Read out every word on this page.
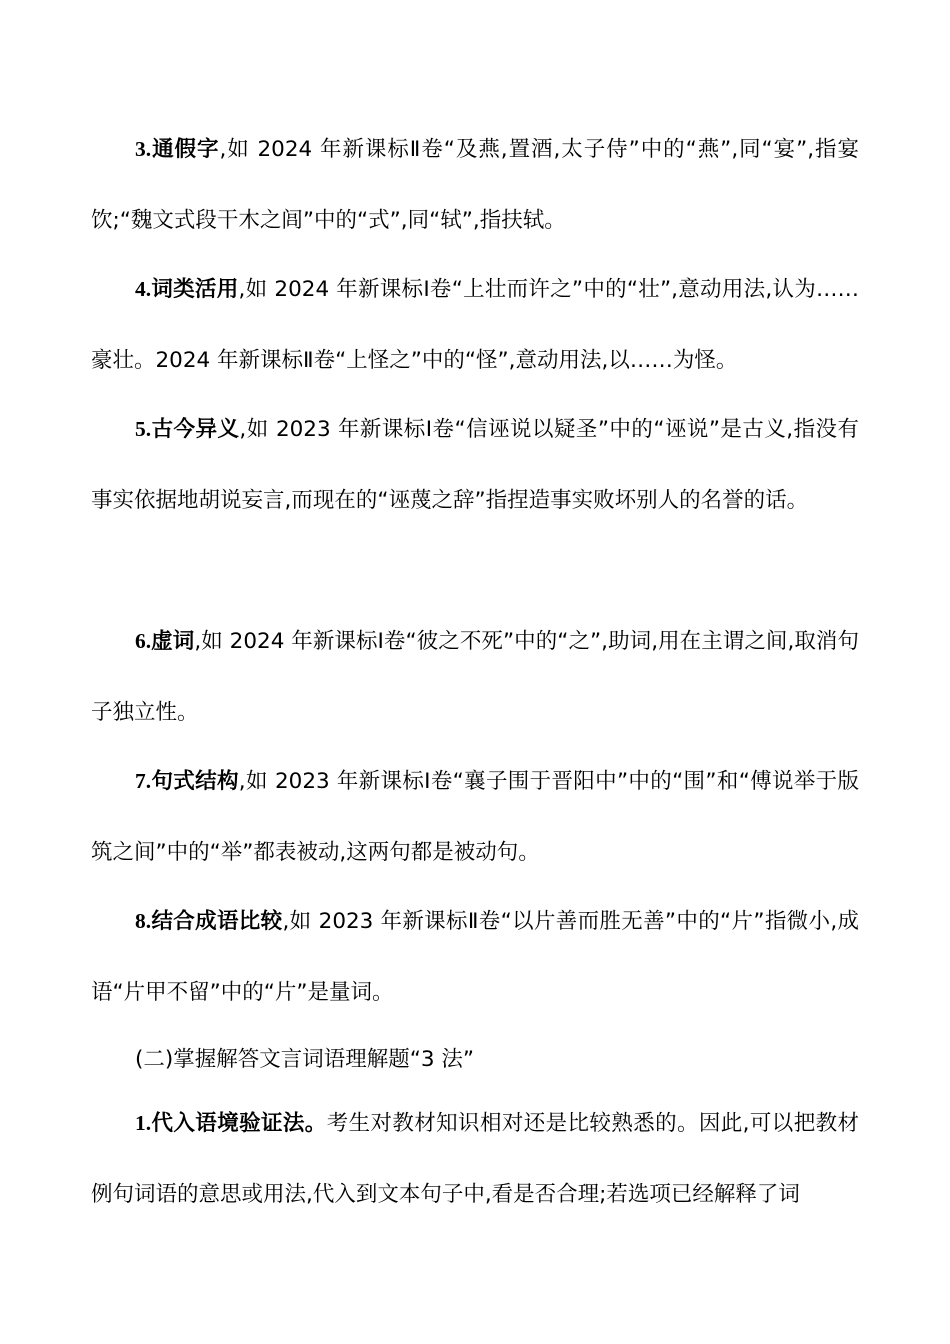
3.通假字,如 2024 年新课标Ⅱ卷“及燕,置酒,太子侍”中的“燕”,同“宴”,指宴饮;“魏文式段干木之闾”中的“式”,同“轼”,指扶轼。

4.词类活用,如 2024 年新课标Ⅰ卷“上壮而许之”中的“壮”,意动用法,认为……豪壮。2024 年新课标Ⅱ卷“上怪之”中的“怪”,意动用法,以……为怪。

5.古今异义,如 2023 年新课标Ⅰ卷“信诬说以疑圣”中的“诬说”是古义,指没有事实依据地胡说妄言,而现在的“诬蔑之辞”指捏造事实败坏别人的名誉的话。

6.虚词,如 2024 年新课标Ⅰ卷“彼之不死”中的“之”,助词,用在主谓之间,取消句子独立性。

7.句式结构,如 2023 年新课标Ⅰ卷“襄子围于晋阳中”中的“围”和“傅说举于版筑之间”中的“举”都表被动,这两句都是被动句。

8.结合成语比较,如 2023 年新课标Ⅱ卷“以片善而胜无善”中的“片”指微小,成语“片甲不留”中的“片”是量词。

(二)掌握解答文言词语理解题“3 法”

1.代入语境验证法。考生对教材知识相对还是比较熟悉的。因此,可以把教材例句词语的意思或用法,代入到文本句子中,看是否合理;若选项已经解释了词
